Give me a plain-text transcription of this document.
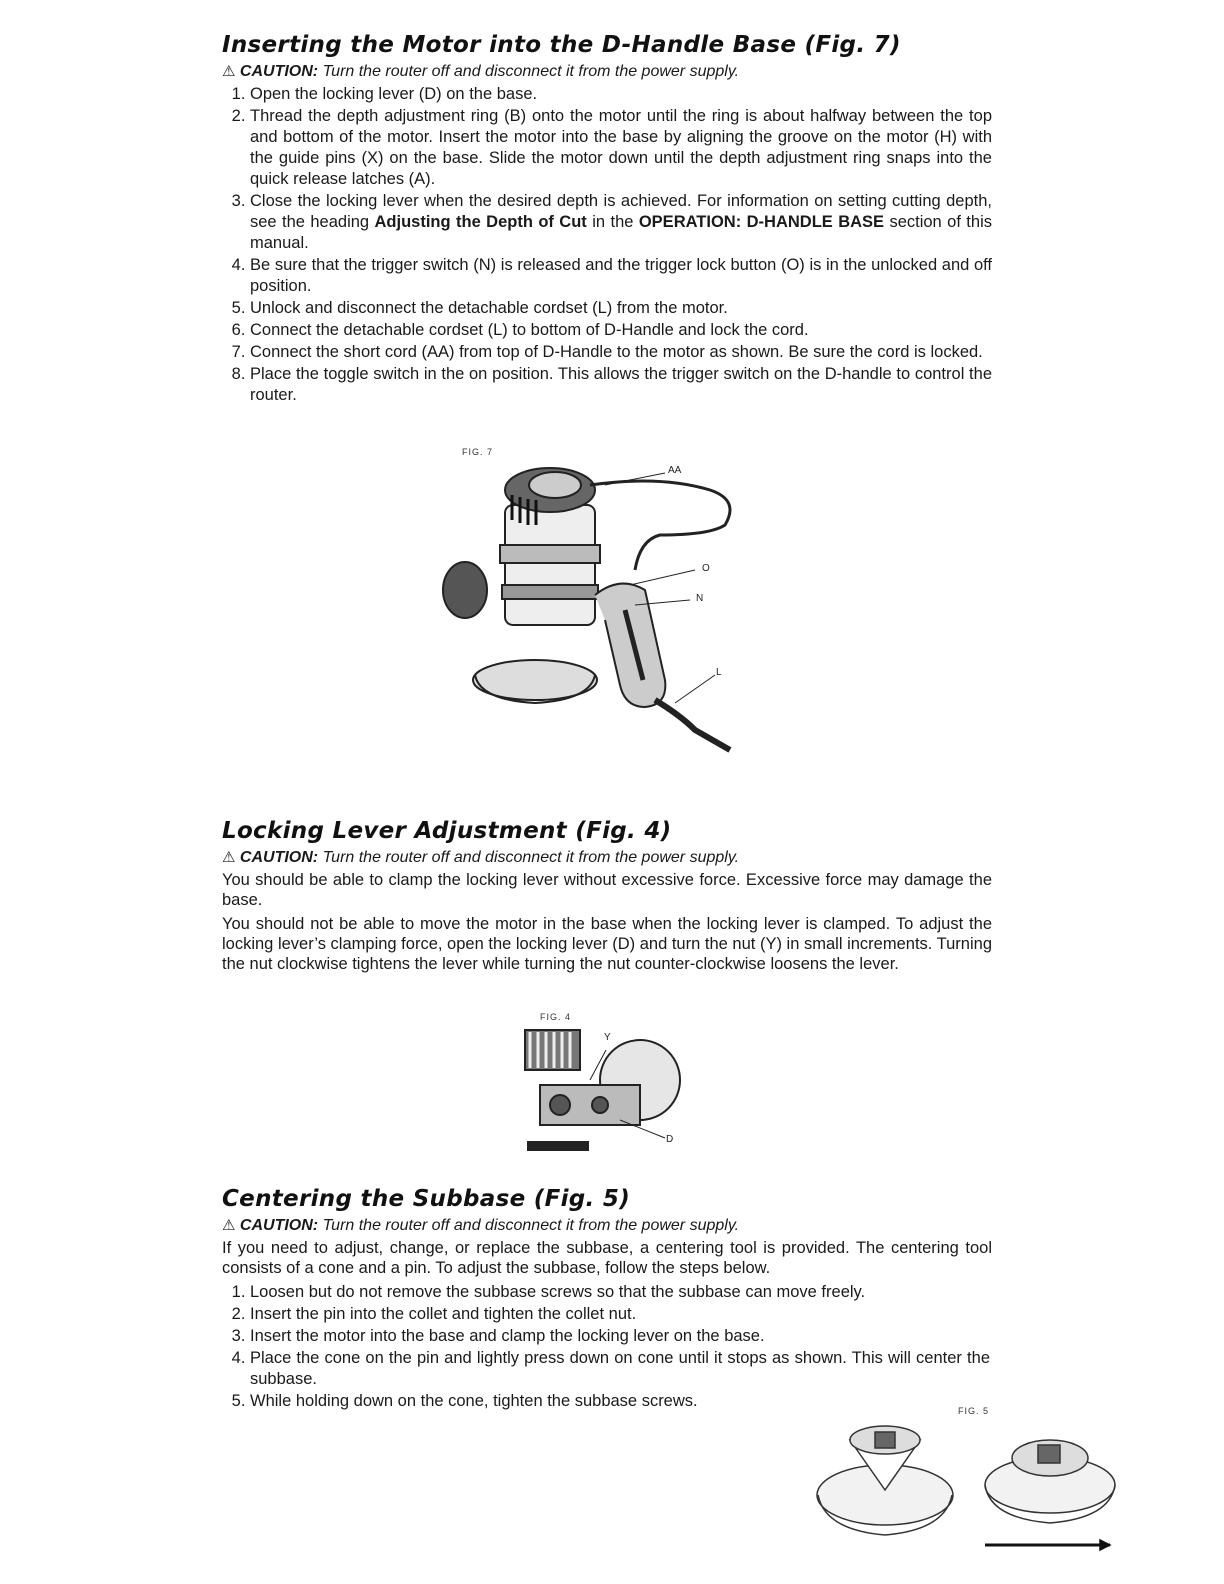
Inserting the Motor into the D-Handle Base (Fig. 7)
⚠ CAUTION: Turn the router off and disconnect it from the power supply.
1. Open the locking lever (D) on the base.
2. Thread the depth adjustment ring (B) onto the motor until the ring is about halfway between the top and bottom of the motor. Insert the motor into the base by aligning the groove on the motor (H) with the guide pins (X) on the base. Slide the motor down until the depth adjustment ring snaps into the quick release latches (A).
3. Close the locking lever when the desired depth is achieved. For information on setting cutting depth, see the heading Adjusting the Depth of Cut in the OPERATION: D-HANDLE BASE section of this manual.
4. Be sure that the trigger switch (N) is released and the trigger lock button (O) is in the unlocked and off position.
5. Unlock and disconnect the detachable cordset (L) from the motor.
6. Connect the detachable cordset (L) to bottom of D-Handle and lock the cord.
7. Connect the short cord (AA) from top of D-Handle to the motor as shown. Be sure the cord is locked.
8. Place the toggle switch in the on position. This allows the trigger switch on the D-handle to control the router.
FIG. 7
AA
O
N
L
Locking Lever Adjustment (Fig. 4)
⚠ CAUTION: Turn the router off and disconnect it from the power supply.

You should be able to clamp the locking lever without excessive force. Excessive force may damage the base.

You should not be able to move the motor in the base when the locking lever is clamped. To adjust the locking lever’s clamping force, open the locking lever (D) and turn the nut (Y) in small increments. Turning the nut clockwise tightens the lever while turning the nut counter-clockwise loosens the lever.

FIG. 4
Y
D
Centering the Subbase (Fig. 5)
⚠ CAUTION: Turn the router off and disconnect it from the power supply.

If you need to adjust, change, or replace the subbase, a centering tool is provided. The centering tool consists of a cone and a pin. To adjust the subbase, follow the steps below.

1. Loosen but do not remove the subbase screws so that the subbase can move freely.
2. Insert the pin into the collet and tighten the collet nut.
3. Insert the motor into the base and clamp the locking lever on the base.
4. Place the cone on the pin and lightly press down on cone until it stops as shown. This will center the subbase.
5. While holding down on the cone, tighten the subbase screws.
FIG. 5
